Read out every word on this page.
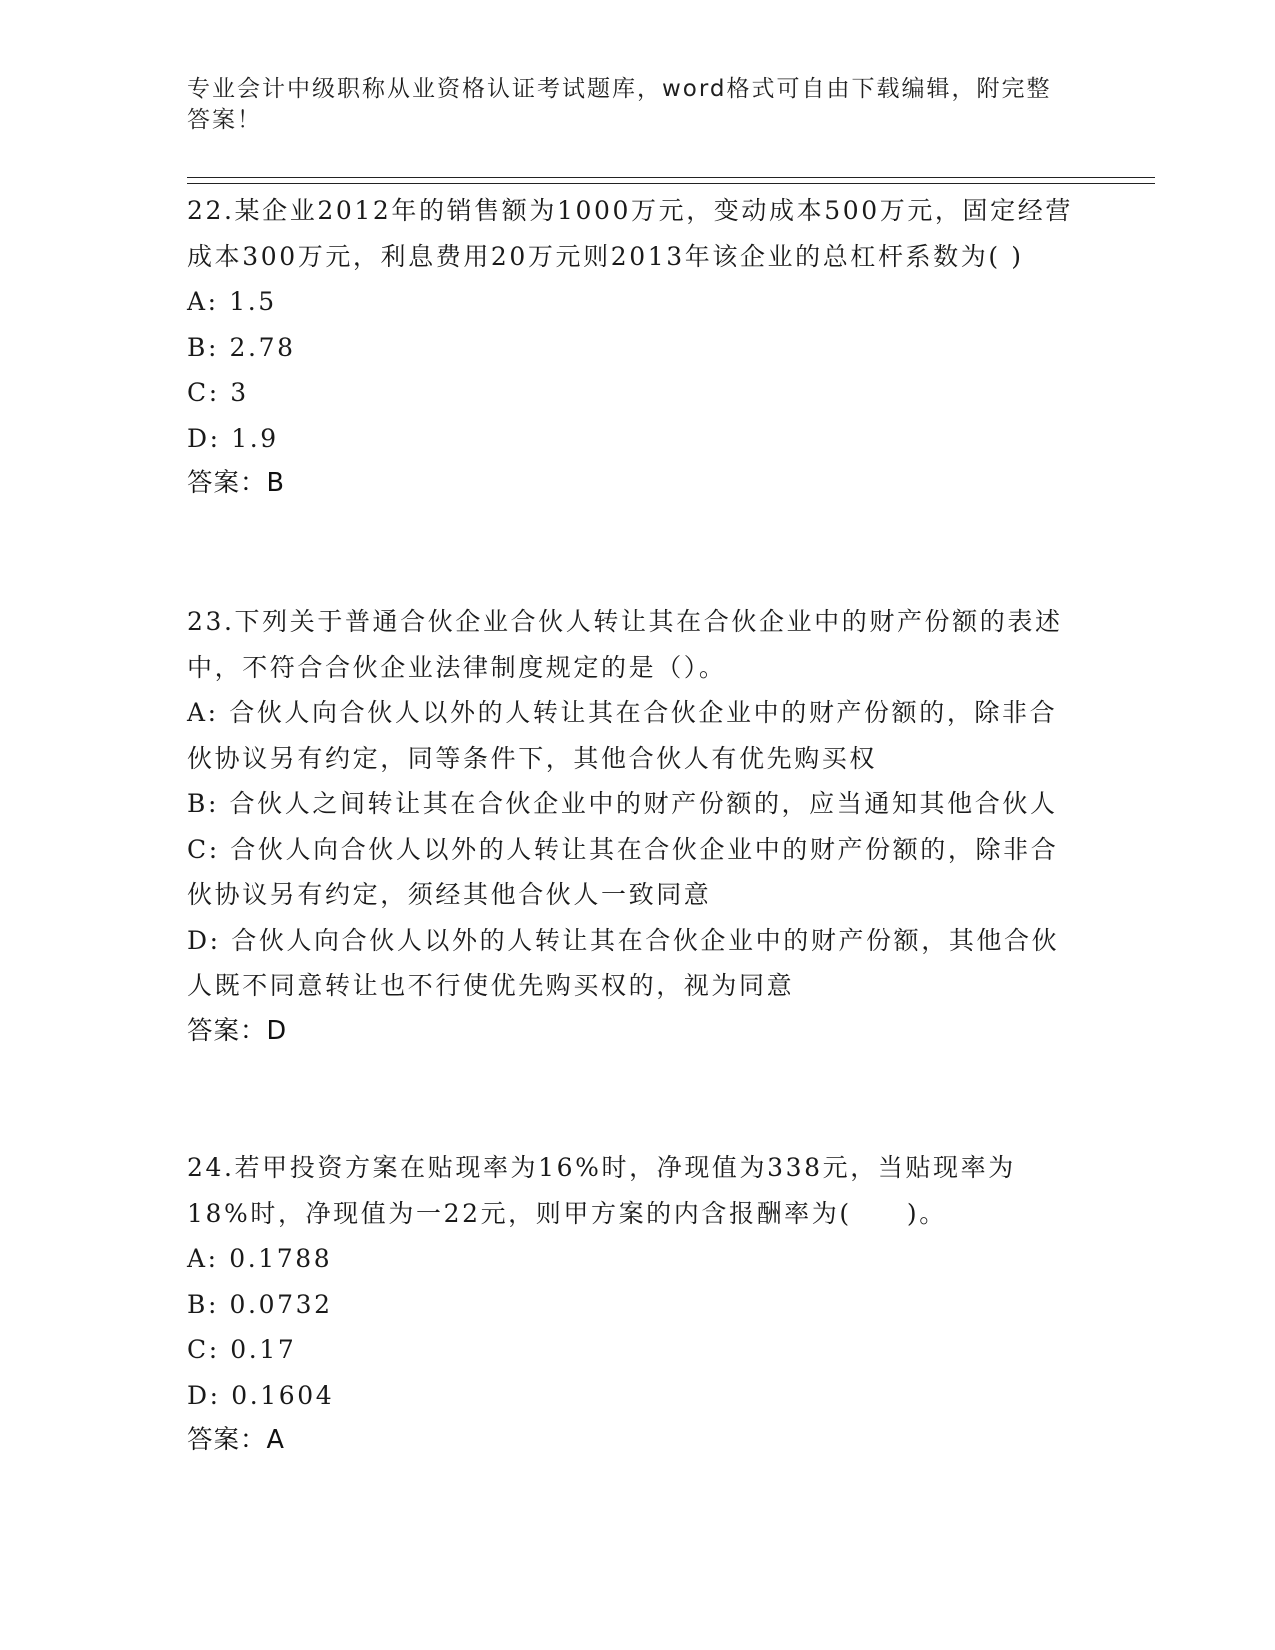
专业会计中级职称从业资格认证考试题库，word格式可自由下载编辑，附完整答案！
22.某企业2012年的销售额为1000万元，变动成本500万元，固定经营成本300万元，利息费用20万元则2013年该企业的总杠杆系数为( )
A: 1.5
B: 2.78
C: 3
D: 1.9
答案：B
23.下列关于普通合伙企业合伙人转让其在合伙企业中的财产份额的表述中，不符合合伙企业法律制度规定的是（）。
A: 合伙人向合伙人以外的人转让其在合伙企业中的财产份额的，除非合伙协议另有约定，同等条件下，其他合伙人有优先购买权
B: 合伙人之间转让其在合伙企业中的财产份额的，应当通知其他合伙人
C: 合伙人向合伙人以外的人转让其在合伙企业中的财产份额的，除非合伙协议另有约定，须经其他合伙人一致同意
D: 合伙人向合伙人以外的人转让其在合伙企业中的财产份额，其他合伙人既不同意转让也不行使优先购买权的，视为同意
答案：D
24.若甲投资方案在贴现率为16%时，净现值为338元，当贴现率为18%时，净现值为一22元，则甲方案的内含报酬率为(　　)。
A: 0.1788
B: 0.0732
C: 0.17
D: 0.1604
答案：A
